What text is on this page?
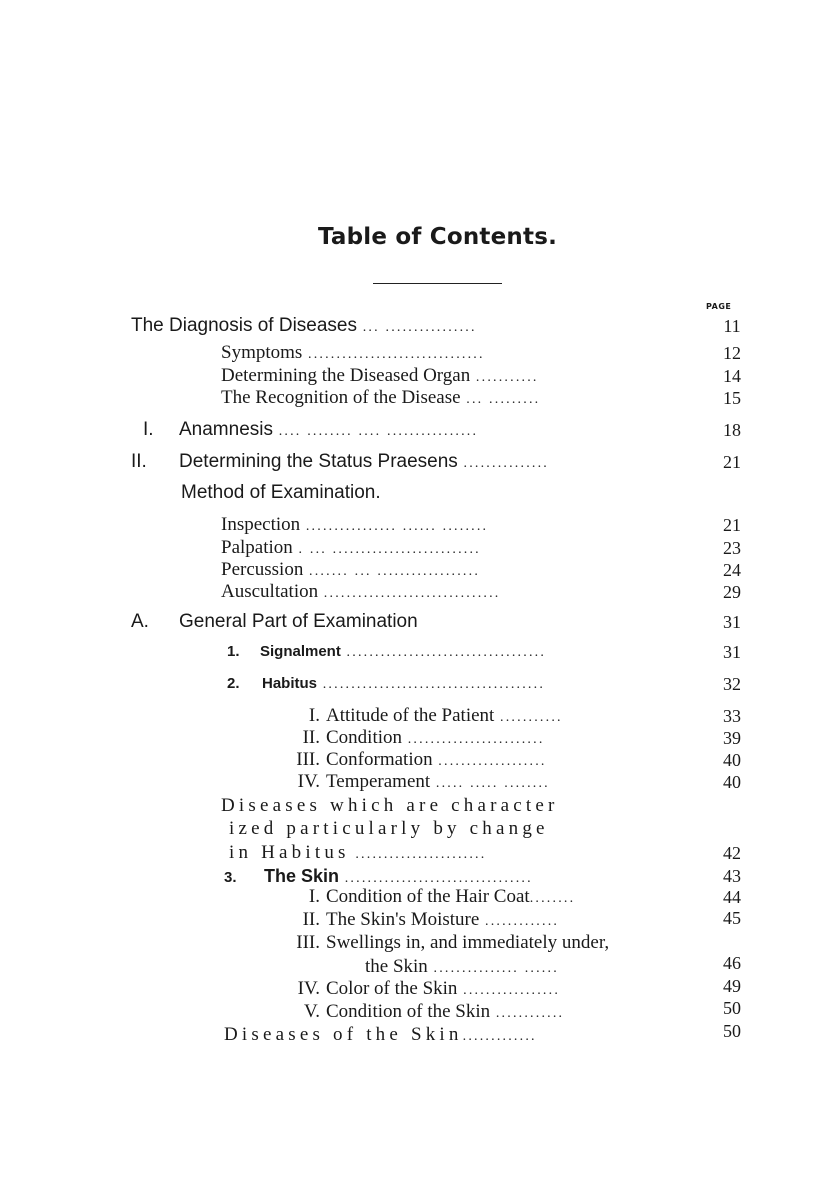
Table of Contents.
PAGE
The Diagnosis of Diseases ... ................	11
Symptoms ...............................	12
Determining the Diseased Organ ...........	14
The Recognition of the Disease ... .........	15
I. Anamnesis .... ........ .... ................	18
II. Determining the Status Praesens ...............	21
Method of Examination.
Inspection ................ ...... ........	21
Palpation . ... ..........................	23
Percussion ....... ... ..................	24
Auscultation ...............................	29
A. General Part of Examination	31
1. Signalment ...................................	31
2. Habitus .......................................	32
I. Attitude of the Patient ...........	33
II. Condition ........................	39
III. Conformation ...................	40
IV. Temperament ..... ..... ........	40
Diseases which are character
ized particularly by change
in Habitus .......................	42
3. The Skin .................................	43
I. Condition of the Hair Coat........	44
II. The Skin's Moisture .............	45
III. Swellings in, and immediately under,
the Skin ............... ......	46
IV. Color of the Skin .................	49
V. Condition of the Skin ............	50
Diseases of the Skin.............	50
